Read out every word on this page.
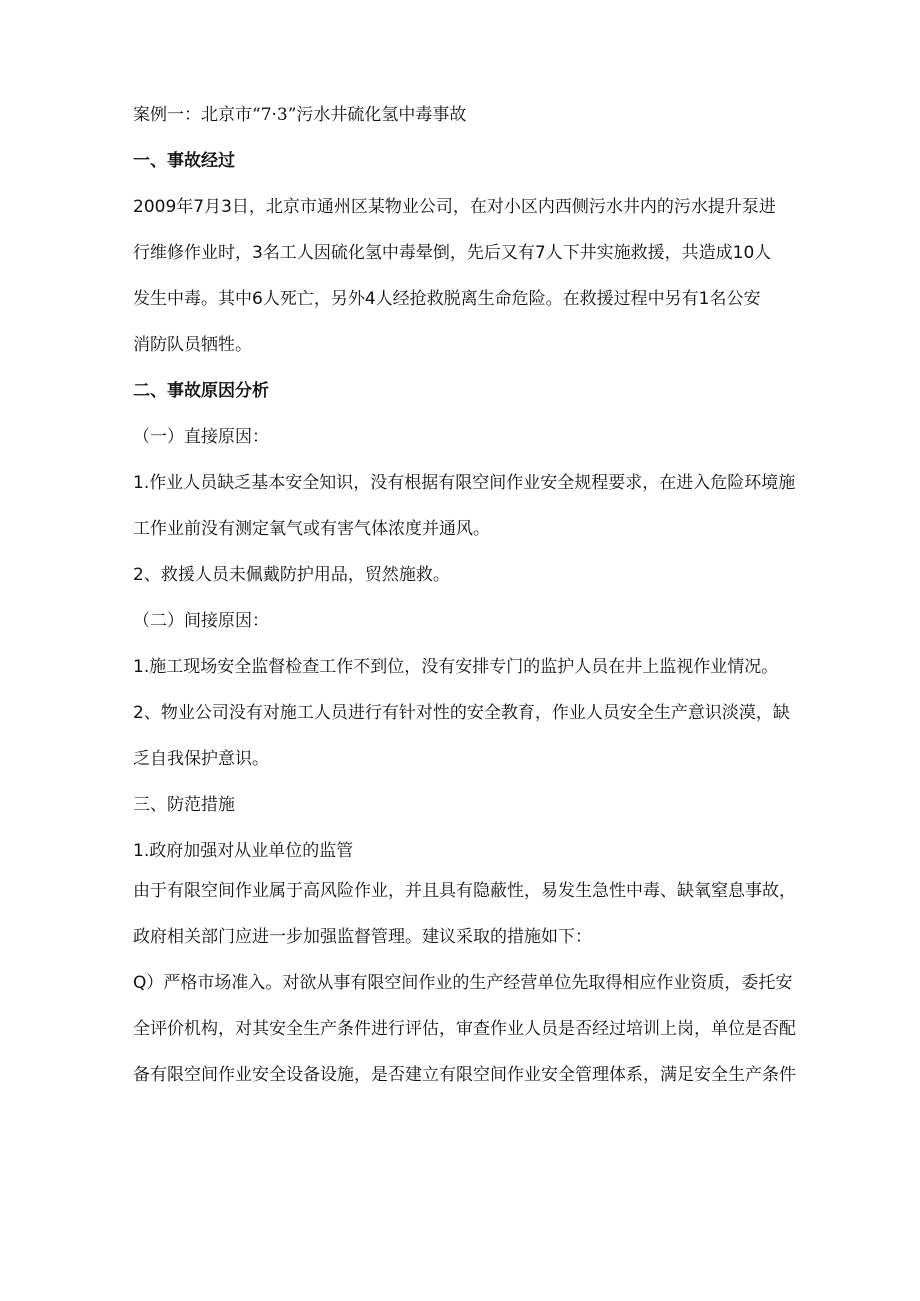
案例一：北京市“7·3”污水井硫化氢中毒事故

一、事故经过

2009年7月3日，北京市通州区某物业公司，在对小区内西侧污水井内的污水提升泵进

行维修作业时，3名工人因硫化氢中毒晕倒，先后又有7人下井实施救援，共造成10人

发生中毒。其中6人死亡，另外4人经抢救脱离生命危险。在救援过程中另有1名公安

消防队员牺牲。

二、事故原因分析

（一）直接原因：

1.作业人员缺乏基本安全知识，没有根据有限空间作业安全规程要求，在进入危险环境施

工作业前没有测定氧气或有害气体浓度并通风。

2、救援人员未佩戴防护用品，贸然施救。

（二）间接原因：

1.施工现场安全监督检查工作不到位，没有安排专门的监护人员在井上监视作业情况。

2、物业公司没有对施工人员进行有针对性的安全教育，作业人员安全生产意识淡漠，缺

乏自我保护意识。

三、防范措施

1.政府加强对从业单位的监管

由于有限空间作业属于高风险作业，并且具有隐蔽性，易发生急性中毒、缺氧窒息事故，

政府相关部门应进一步加强监督管理。建议采取的措施如下：

Q）严格市场准入。对欲从事有限空间作业的生产经营单位先取得相应作业资质，委托安

全评价机构，对其安全生产条件进行评估，审查作业人员是否经过培训上岗，单位是否配

备有限空间作业安全设备设施，是否建立有限空间作业安全管理体系，满足安全生产条件
